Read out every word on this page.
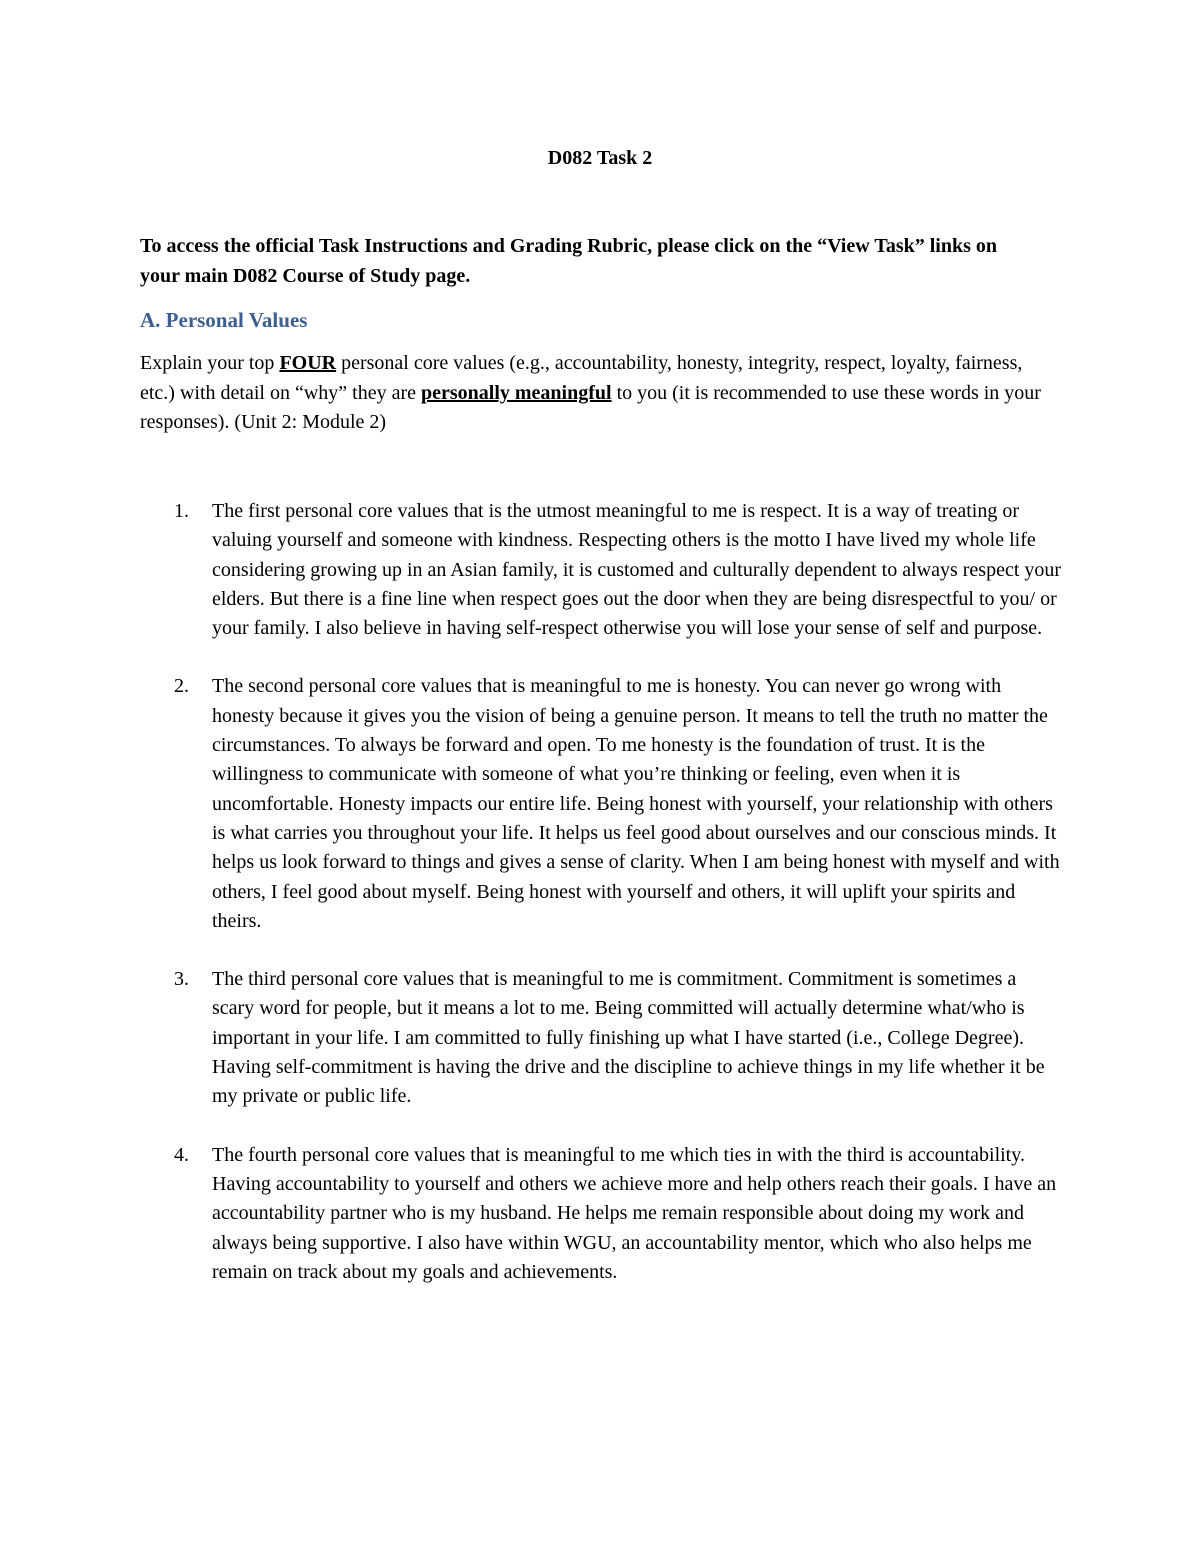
D082 Task 2
To access the official Task Instructions and Grading Rubric, please click on the “View Task” links on your main D082 Course of Study page.
A. Personal Values
Explain your top FOUR personal core values (e.g., accountability, honesty, integrity, respect, loyalty, fairness, etc.) with detail on “why” they are personally meaningful to you (it is recommended to use these words in your responses). (Unit 2: Module 2)
1.	The first personal core values that is the utmost meaningful to me is respect. It is a way of treating or valuing yourself and someone with kindness. Respecting others is the motto I have lived my whole life considering growing up in an Asian family, it is customed and culturally dependent to always respect your elders. But there is a fine line when respect goes out the door when they are being disrespectful to you/ or your family. I also believe in having self-respect otherwise you will lose your sense of self and purpose.
2.	The second personal core values that is meaningful to me is honesty. You can never go wrong with honesty because it gives you the vision of being a genuine person. It means to tell the truth no matter the circumstances. To always be forward and open. To me honesty is the foundation of trust. It is the willingness to communicate with someone of what you’re thinking or feeling, even when it is uncomfortable. Honesty impacts our entire life. Being honest with yourself, your relationship with others is what carries you throughout your life. It helps us feel good about ourselves and our conscious minds. It helps us look forward to things and gives a sense of clarity. When I am being honest with myself and with others, I feel good about myself. Being honest with yourself and others, it will uplift your spirits and theirs.
3.	The third personal core values that is meaningful to me is commitment. Commitment is sometimes a scary word for people, but it means a lot to me. Being committed will actually determine what/who is important in your life. I am committed to fully finishing up what I have started (i.e., College Degree). Having self-commitment is having the drive and the discipline to achieve things in my life whether it be my private or public life.
4.	The fourth personal core values that is meaningful to me which ties in with the third is accountability. Having accountability to yourself and others we achieve more and help others reach their goals. I have an accountability partner who is my husband. He helps me remain responsible about doing my work and always being supportive. I also have within WGU, an accountability mentor, which who also helps me remain on track about my goals and achievements.
